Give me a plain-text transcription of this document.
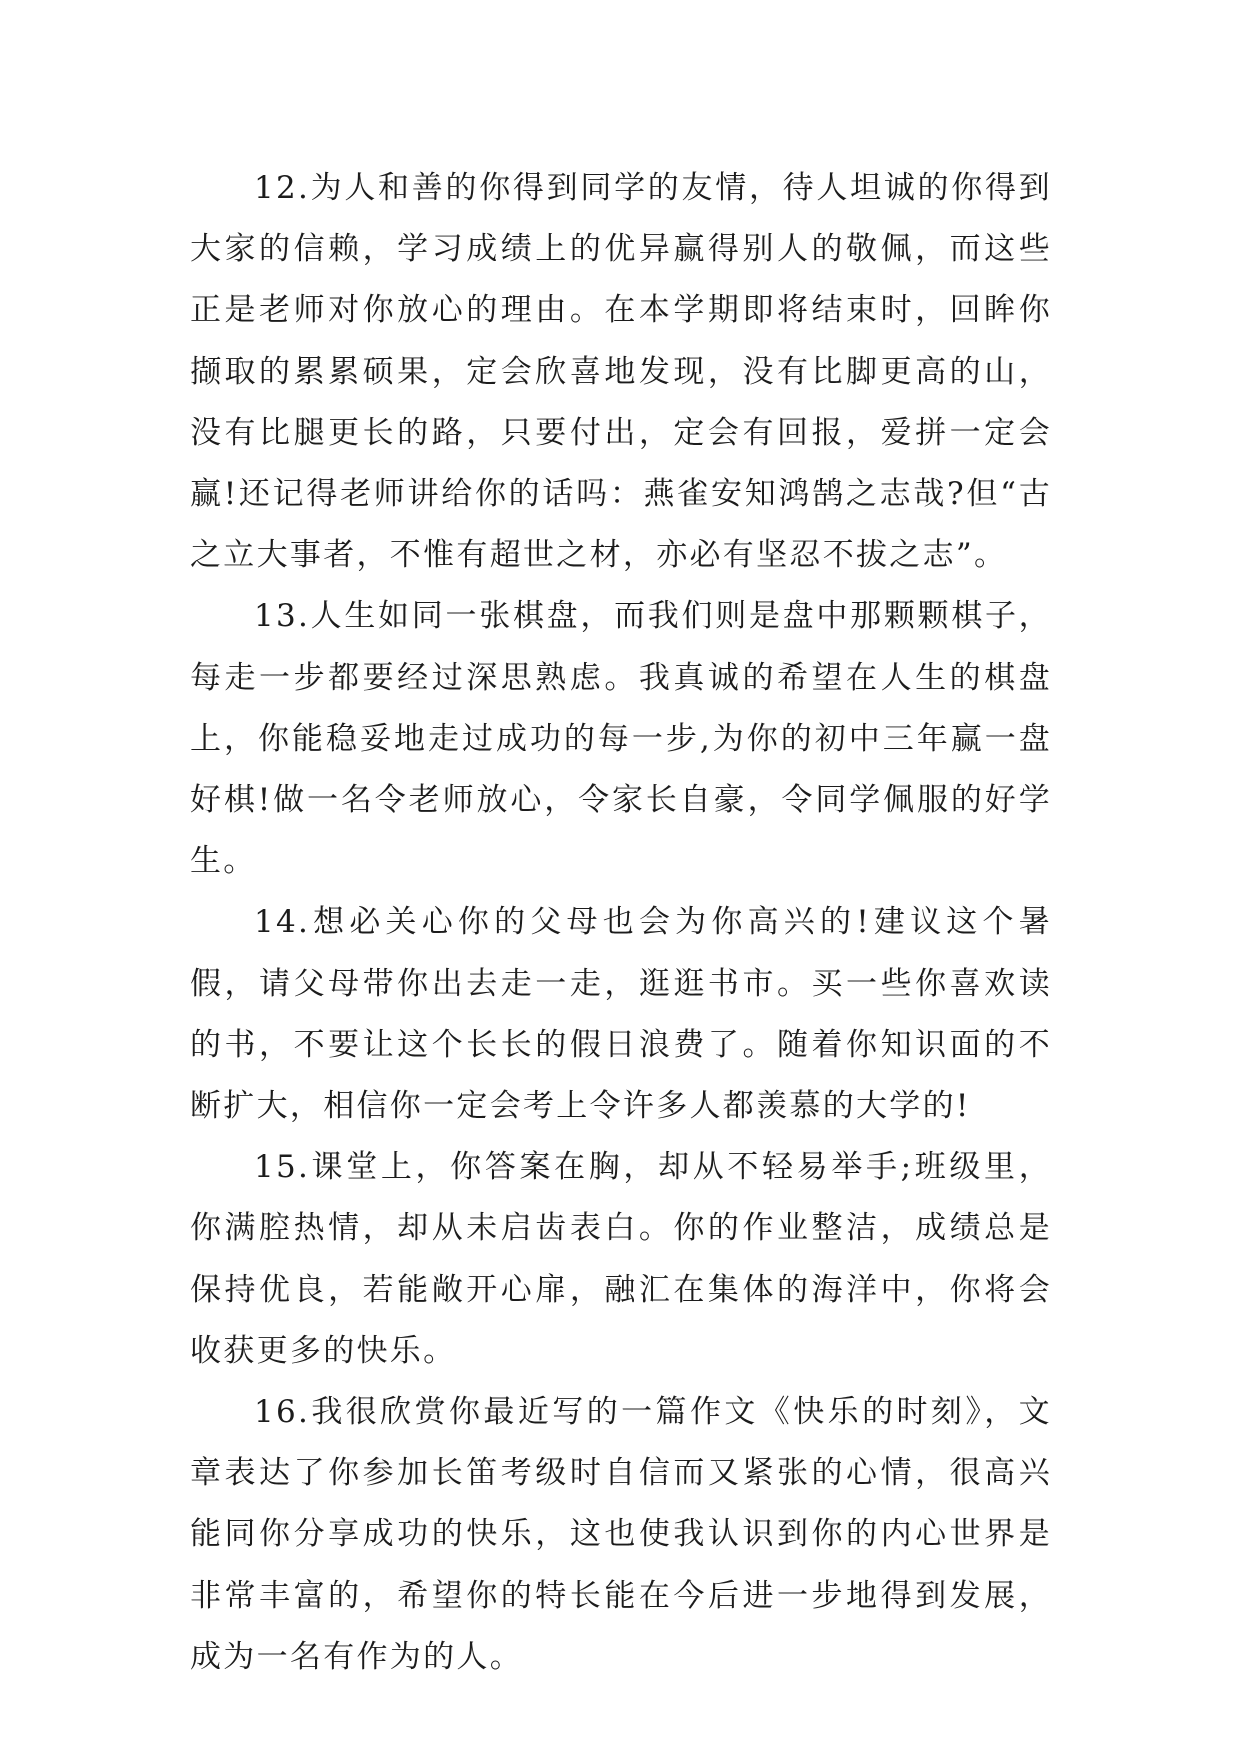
12.为人和善的你得到同学的友情，待人坦诚的你得到大家的信赖，学习成绩上的优异赢得别人的敬佩，而这些正是老师对你放心的理由。在本学期即将结束时，回眸你撷取的累累硕果，定会欣喜地发现，没有比脚更高的山，没有比腿更长的路，只要付出，定会有回报，爱拼一定会赢!还记得老师讲给你的话吗：燕雀安知鸿鹄之志哉?但“古之立大事者，不惟有超世之材，亦必有坚忍不拔之志”。

13.人生如同一张棋盘，而我们则是盘中那颗颗棋子，每走一步都要经过深思熟虑。我真诚的希望在人生的棋盘上，你能稳妥地走过成功的每一步,为你的初中三年赢一盘好棋!做一名令老师放心，令家长自豪，令同学佩服的好学生。

14.想必关心你的父母也会为你高兴的!建议这个暑假，请父母带你出去走一走，逛逛书市。买一些你喜欢读的书，不要让这个长长的假日浪费了。随着你知识面的不断扩大，相信你一定会考上令许多人都羡慕的大学的!

15.课堂上，你答案在胸，却从不轻易举手;班级里，你满腔热情，却从未启齿表白。你的作业整洁，成绩总是保持优良，若能敞开心扉，融汇在集体的海洋中，你将会收获更多的快乐。

16.我很欣赏你最近写的一篇作文《快乐的时刻》，文章表达了你参加长笛考级时自信而又紧张的心情，很高兴能同你分享成功的快乐，这也使我认识到你的内心世界是非常丰富的，希望你的特长能在今后进一步地得到发展，成为一名有作为的人。
